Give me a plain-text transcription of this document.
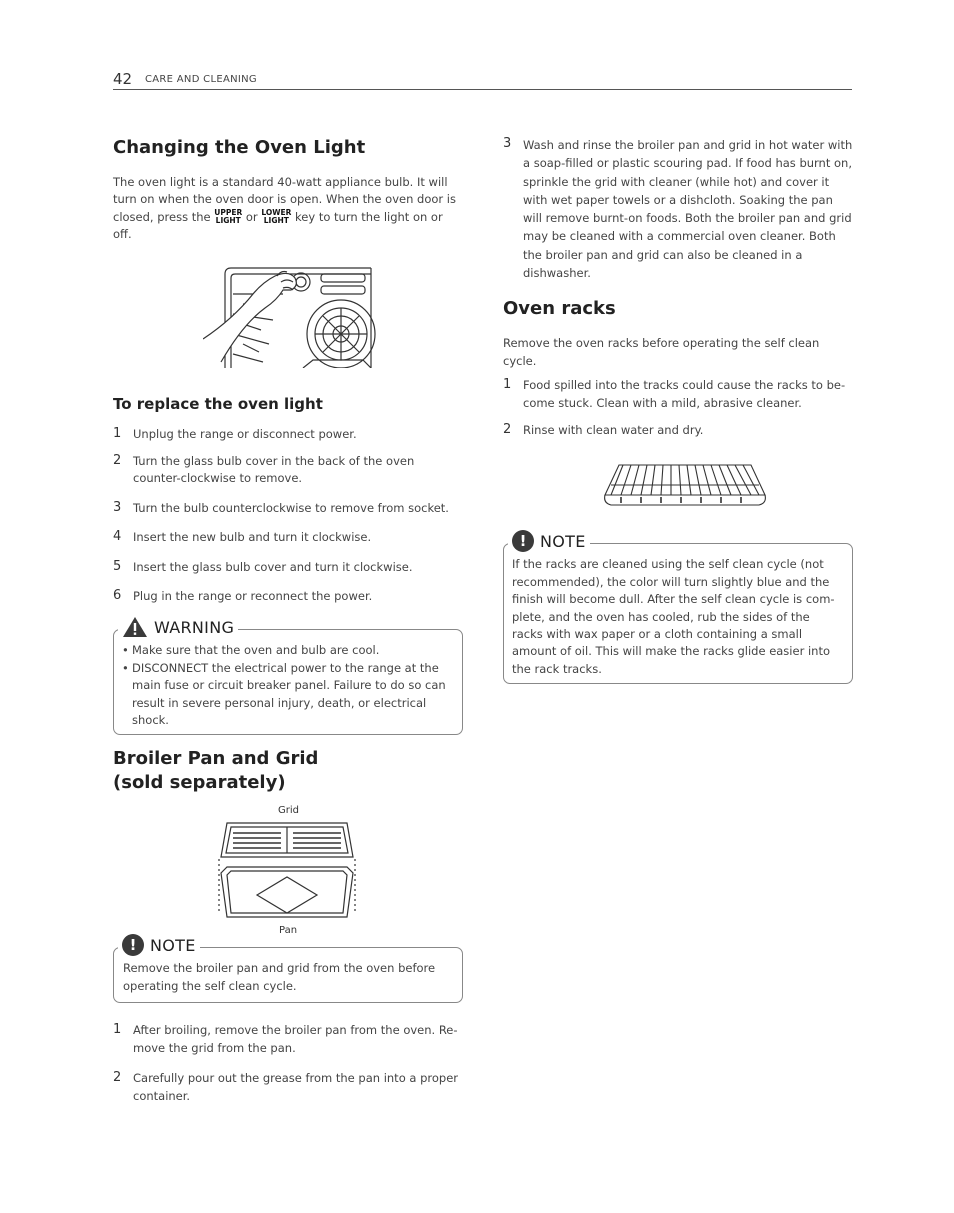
42 CARE AND CLEANING
Changing the Oven Light

The oven light is a standard 40-watt appliance bulb. It will turn on when the oven door is open. When the oven door is closed, press the UPPER
LIGHT or LOWER
LIGHT key to turn the light on or off.

To replace the oven light
1 Unplug the range or disconnect power.
2 Turn the glass bulb cover in the back of the oven counter-clockwise to remove.
3 Turn the bulb counterclockwise to remove from socket.
4 Insert the new bulb and turn it clockwise.
5 Insert the glass bulb cover and turn it clockwise.
6 Plug in the range or reconnect the power.
WARNING
• Make sure that the oven and bulb are cool.
• DISCONNECT the electrical power to the range at the main fuse or circuit breaker panel. Failure to do so can result in severe personal injury, death, or electrical shock.
Broiler Pan and Grid
(sold separately)
Grid
Pan
! NOTE
Remove the broiler pan and grid from the oven before operating the self clean cycle.
1 After broiling, remove the broiler pan from the oven. Re-move the grid from the pan.
2 Carefully pour out the grease from the pan into a proper container.
3 Wash and rinse the broiler pan and grid in hot water with a soap-filled or plastic scouring pad. If food has burnt on, sprinkle the grid with cleaner (while hot) and cover it with wet paper towels or a dishcloth. Soaking the pan will remove burnt-on foods. Both the broiler pan and grid may be cleaned with a commercial oven cleaner. Both the broiler pan and grid can also be cleaned in a dishwasher.
Oven racks

Remove the oven racks before operating the self clean cycle.

1 Food spilled into the tracks could cause the racks to be-come stuck. Clean with a mild, abrasive cleaner.
2 Rinse with clean water and dry.
! NOTE
If the racks are cleaned using the self clean cycle (not recommended), the color will turn slightly blue and the finish will become dull. After the self clean cycle is com-plete, and the oven has cooled, rub the sides of the racks with wax paper or a cloth containing a small amount of oil. This will make the racks glide easier into the rack tracks.
